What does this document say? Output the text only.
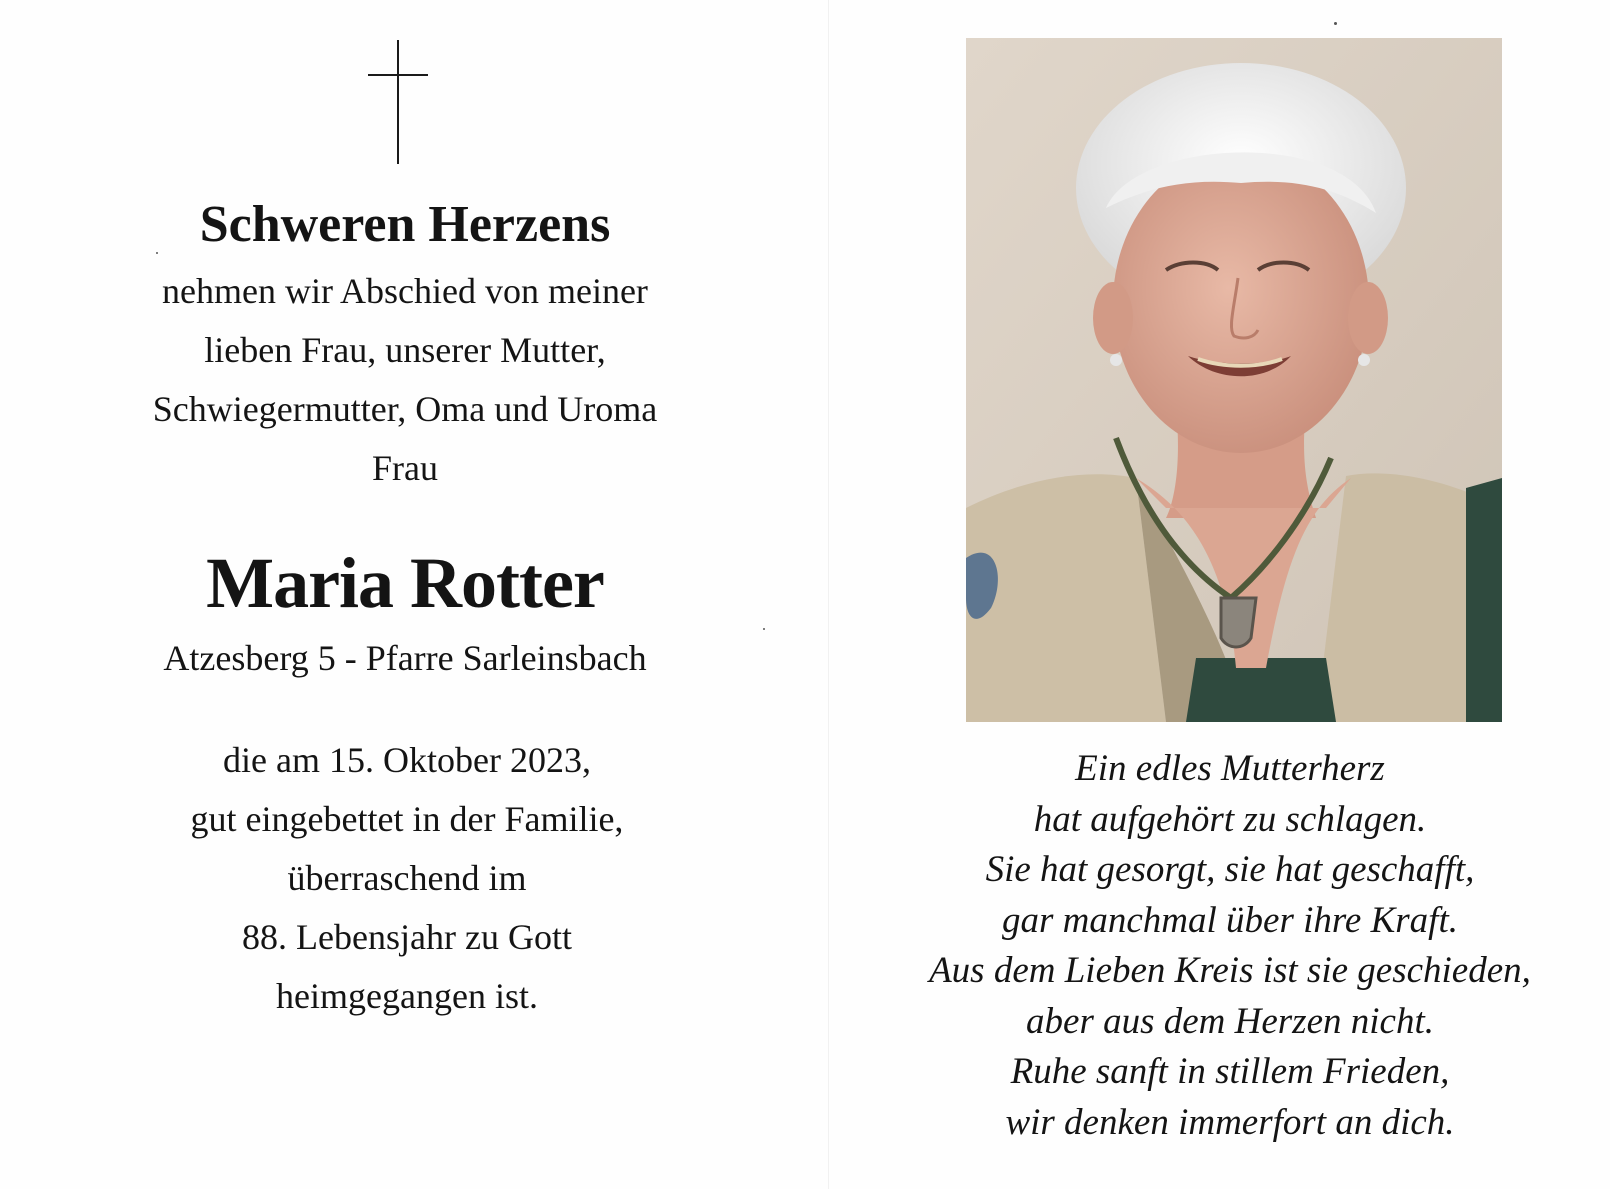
Schweren Herzens
nehmen wir Abschied von meiner
lieben Frau, unserer Mutter,
Schwiegermutter, Oma und Uroma
Frau
Maria Rotter
Atzesberg 5 - Pfarre Sarleinsbach
die am 15. Oktober 2023,
gut eingebettet in der Familie,
überraschend im
88. Lebensjahr zu Gott
heimgegangen ist.
Ein edles Mutterherz
hat aufgehört zu schlagen.
Sie hat gesorgt, sie hat geschafft,
gar manchmal über ihre Kraft.
Aus dem Lieben Kreis ist sie geschieden,
aber aus dem Herzen nicht.
Ruhe sanft in stillem Frieden,
wir denken immerfort an dich.
